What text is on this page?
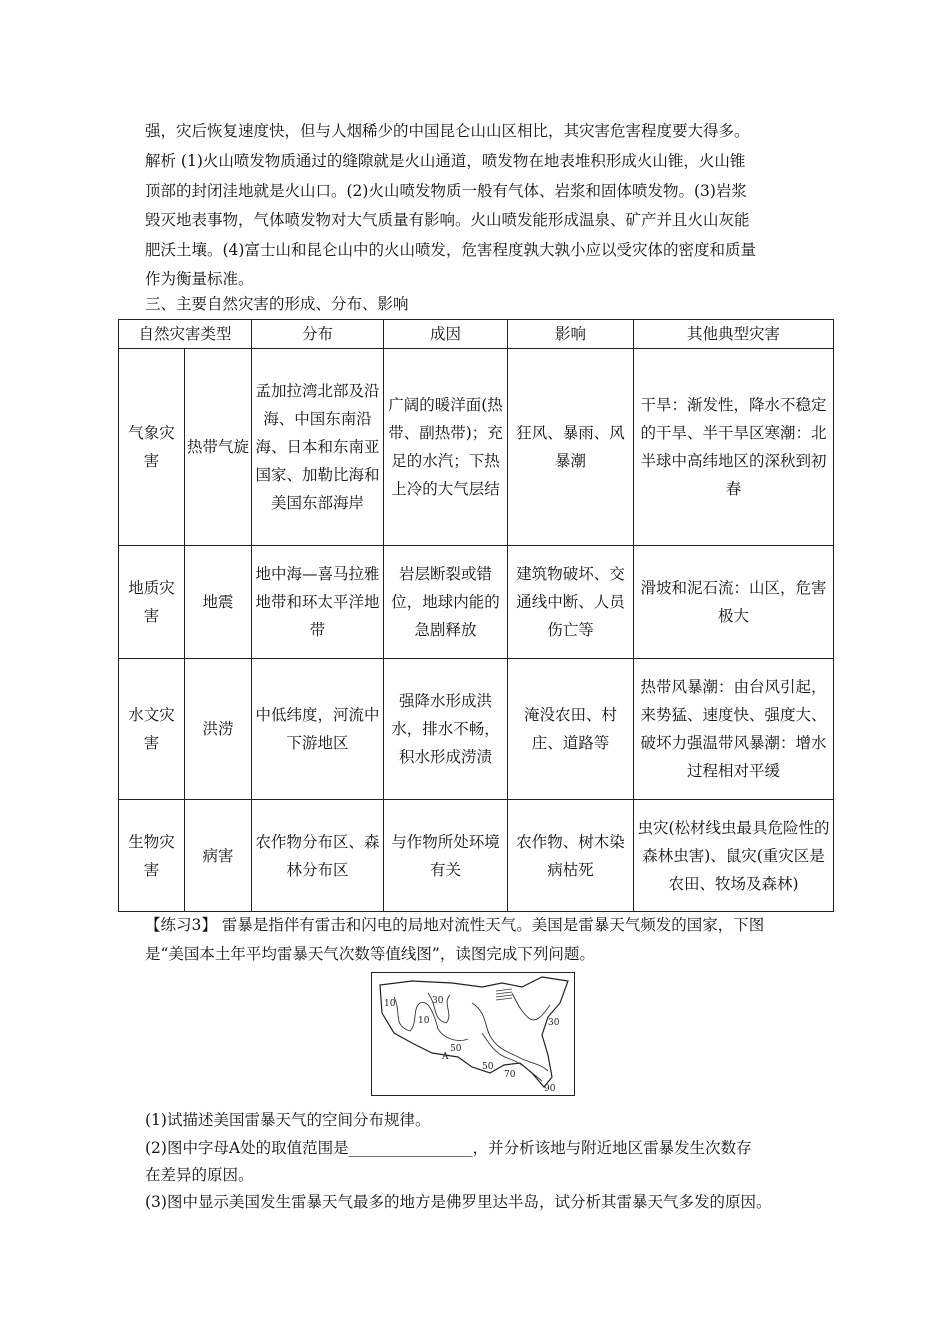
强，灾后恢复速度快，但与人烟稀少的中国昆仑山山区相比，其灾害危害程度要大得多。

解析 (1)火山喷发物质通过的缝隙就是火山通道，喷发物在地表堆积形成火山锥，火山锥

顶部的封闭洼地就是火山口。(2)火山喷发物质一般有气体、岩浆和固体喷发物。(3)岩浆

毁灭地表事物，气体喷发物对大气质量有影响。火山喷发能形成温泉、矿产并且火山灰能

肥沃土壤。(4)富士山和昆仑山中的火山喷发，危害程度孰大孰小应以受灾体的密度和质量

作为衡量标准。

三、主要自然灾害的形成、分布、影响

自然灾害类型		分布	成因	影响	其他典型灾害
气象灾害	热带气旋	孟加拉湾北部及沿海、中国东南沿海、日本和东南亚国家、加勒比海和美国东部海岸	广阔的暖洋面(热带、副热带)；充足的水汽；下热上冷的大气层结	狂风、暴雨、风暴潮	干旱：渐发性，降水不稳定的干旱、半干旱区寒潮：北半球中高纬地区的深秋到初春
地质灾害	地震	地中海—喜马拉雅地带和环太平洋地带	岩层断裂或错位，地球内能的急剧释放	建筑物破坏、交通线中断、人员伤亡等	滑坡和泥石流：山区，危害极大
水文灾害	洪涝	中低纬度，河流中下游地区	强降水形成洪水，排水不畅，积水形成涝渍	淹没农田、村庄、道路等	热带风暴潮：由台风引起，来势猛、速度快、强度大、破坏力强温带风暴潮：增水过程相对平缓
生物灾害	病害	农作物分布区、森林分布区	与作物所处环境有关	农作物、树木染病枯死	虫灾(松材线虫最具危险性的森林虫害)、鼠灾(重灾区是农田、牧场及森林)

【练习3】 雷暴是指伴有雷击和闪电的局地对流性天气。美国是雷暴天气频发的国家，下图

是“美国本土年平均雷暴天气次数等值线图”，读图完成下列问题。

10	30
10	30
50
A
50
70
90

(1)试描述美国雷暴天气的空间分布规律。

(2)图中字母A处的取值范围是________________，并分析该地与附近地区雷暴发生次数存

在差异的原因。

(3)图中显示美国发生雷暴天气最多的地方是佛罗里达半岛，试分析其雷暴天气多发的原因。
